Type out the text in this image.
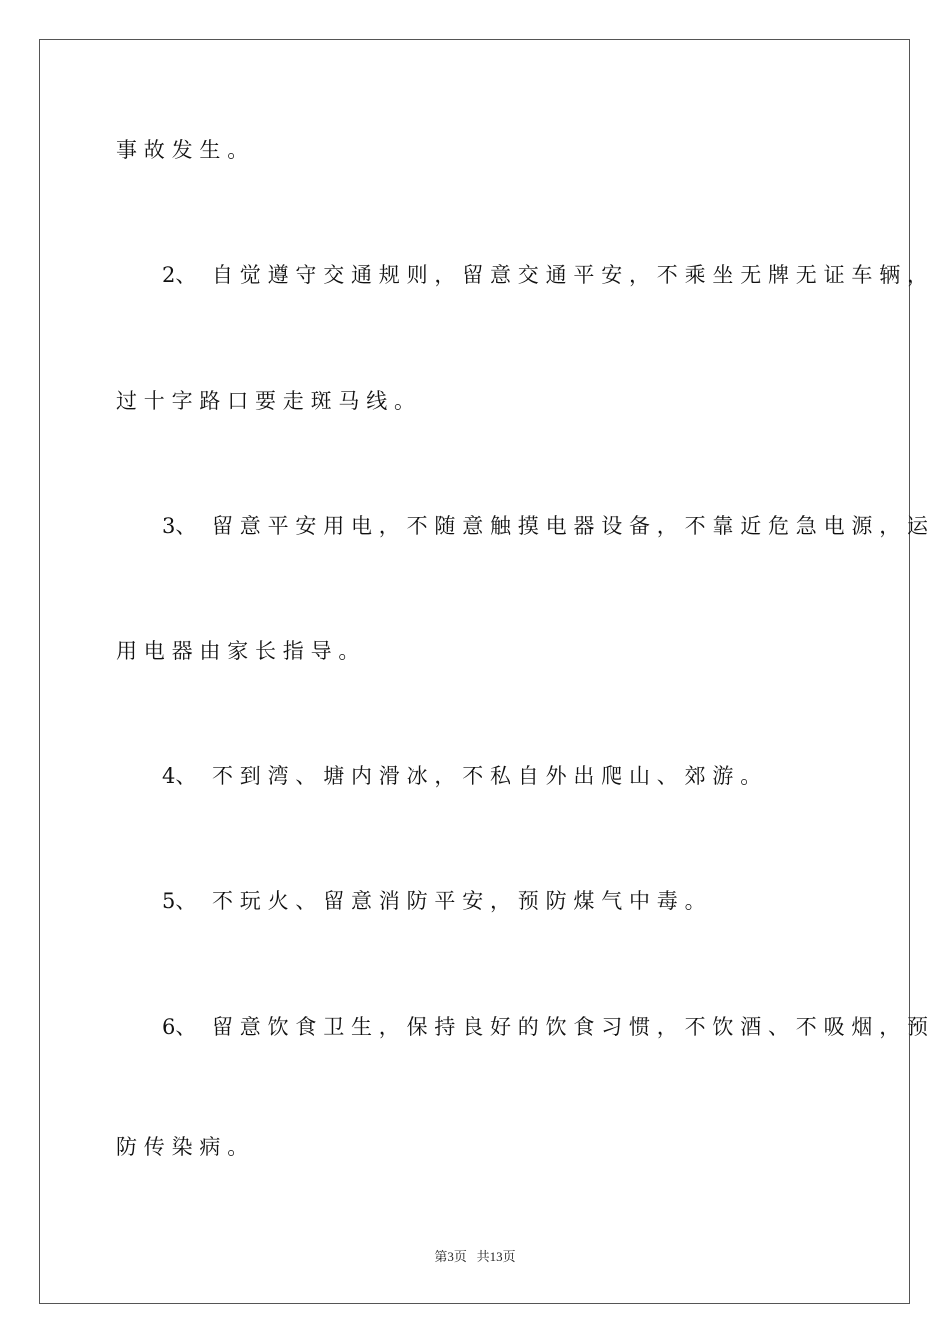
事故发生。
2、 自觉遵守交通规则，留意交通平安，不乘坐无牌无证车辆，
过十字路口要走斑马线。
3、 留意平安用电，不随意触摸电器设备，不靠近危急电源，运
用电器由家长指导。
4、 不到湾、塘内滑冰，不私自外出爬山、郊游。
5、 不玩火、留意消防平安，预防煤气中毒。
6、 留意饮食卫生，保持良好的饮食习惯，不饮酒、不吸烟，预
防传染病。
第3页 共13页
